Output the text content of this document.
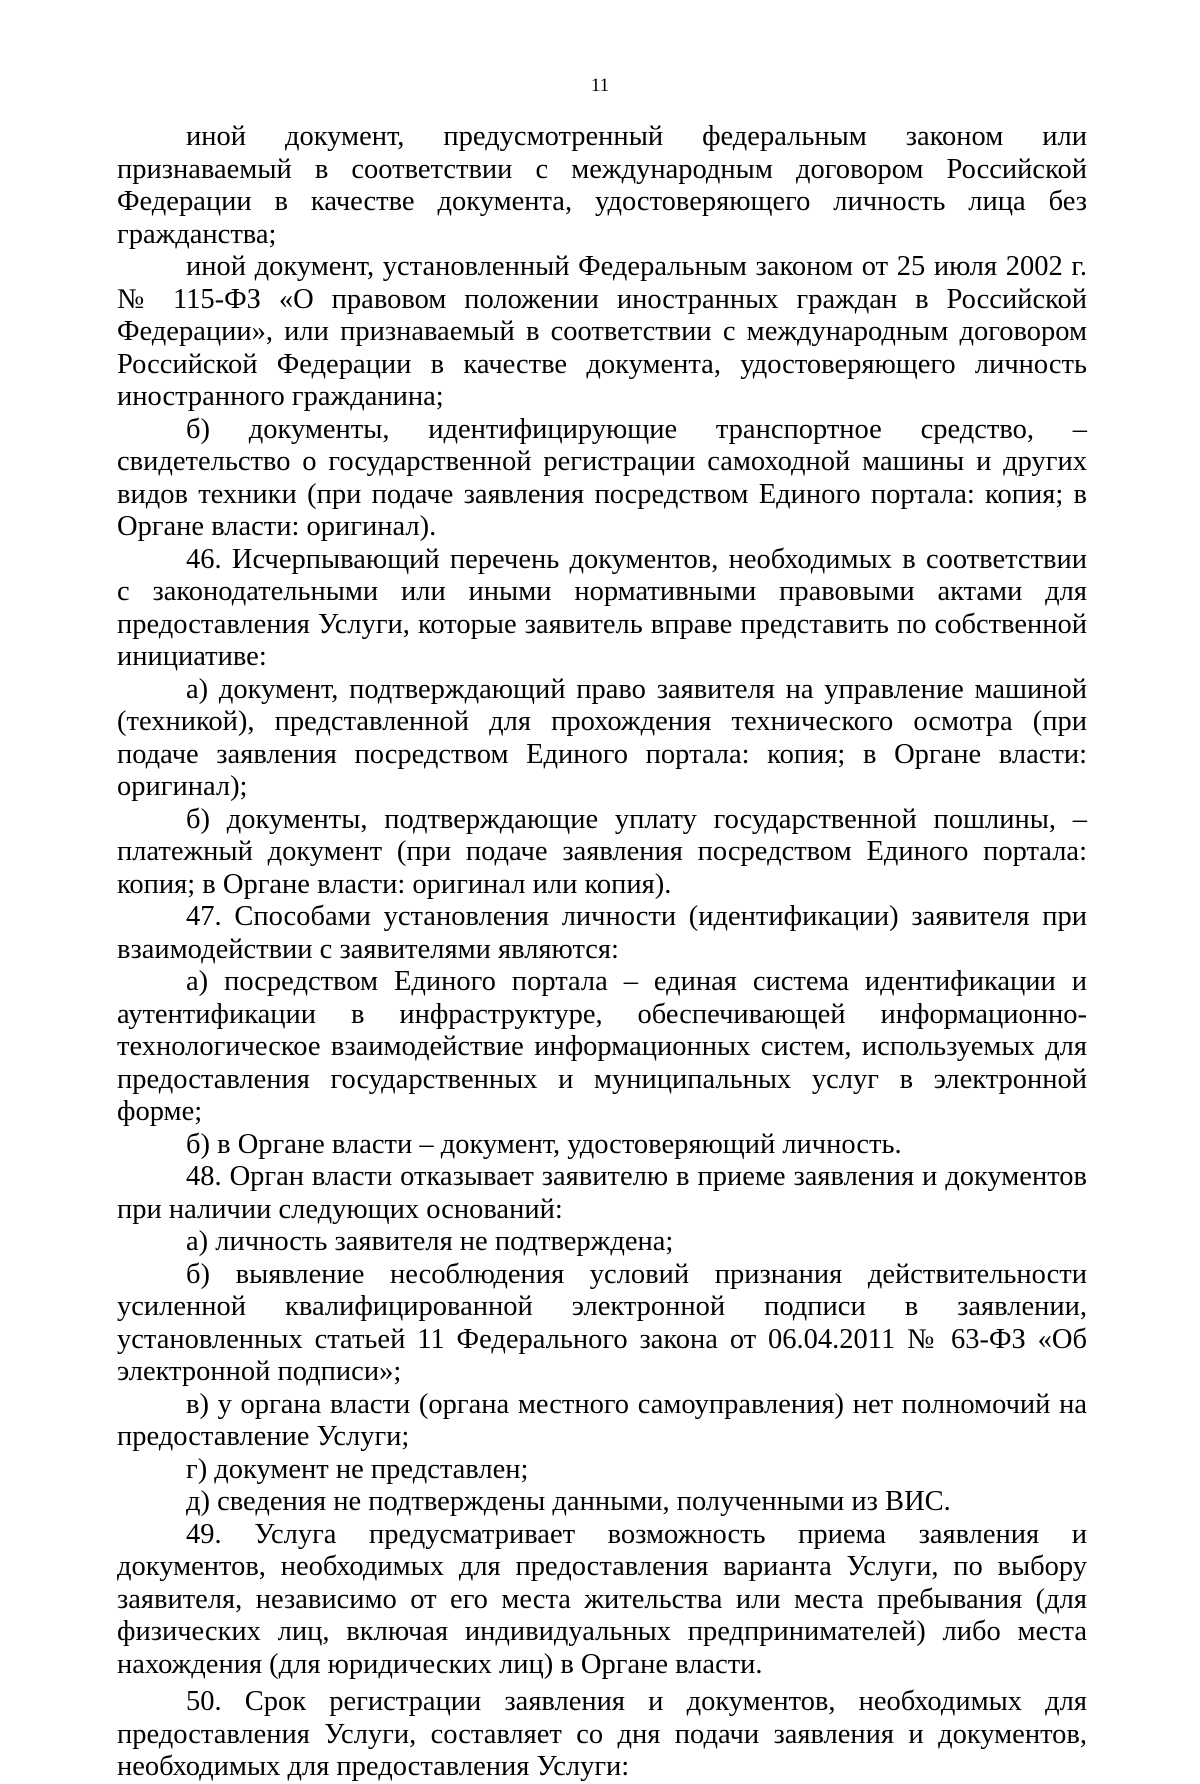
11

иной документ, предусмотренный федеральным законом или признаваемый в соответствии с международным договором Российской Федерации в качестве документа, удостоверяющего личность лица без гражданства;

иной документ, установленный Федеральным законом от 25 июля 2002 г. № 115-ФЗ «О правовом положении иностранных граждан в Российской Федерации», или признаваемый в соответствии с международным договором Российской Федерации в качестве документа, удостоверяющего личность иностранного гражданина;

б) документы, идентифицирующие транспортное средство, – свидетельство о государственной регистрации самоходной машины и других видов техники (при подаче заявления посредством Единого портала: копия; в Органе власти: оригинал).

46. Исчерпывающий перечень документов, необходимых в соответствии с законодательными или иными нормативными правовыми актами для предоставления Услуги, которые заявитель вправе представить по собственной инициативе:

а) документ, подтверждающий право заявителя на управление машиной (техникой), представленной для прохождения технического осмотра (при подаче заявления посредством Единого портала: копия; в Органе власти: оригинал);

б) документы, подтверждающие уплату государственной пошлины, – платежный документ (при подаче заявления посредством Единого портала: копия; в Органе власти: оригинал или копия).

47. Способами установления личности (идентификации) заявителя при взаимодействии с заявителями являются:

а) посредством Единого портала – единая система идентификации и аутентификации в инфраструктуре, обеспечивающей информационно-технологическое взаимодействие информационных систем, используемых для предоставления государственных и муниципальных услуг в электронной форме;

б) в Органе власти – документ, удостоверяющий личность.

48. Орган власти отказывает заявителю в приеме заявления и документов при наличии следующих оснований:

а) личность заявителя не подтверждена;

б) выявление несоблюдения условий признания действительности усиленной квалифицированной электронной подписи в заявлении, установленных статьей 11 Федерального закона от 06.04.2011 № 63-ФЗ «Об электронной подписи»;

в) у органа власти (органа местного самоуправления) нет полномочий на предоставление Услуги;

г) документ не представлен;

д) сведения не подтверждены данными, полученными из ВИС.

49. Услуга предусматривает возможность приема заявления и документов, необходимых для предоставления варианта Услуги, по выбору заявителя, независимо от его места жительства или места пребывания (для физических лиц, включая индивидуальных предпринимателей) либо места нахождения (для юридических лиц) в Органе власти.

50. Срок регистрации заявления и документов, необходимых для предоставления Услуги, составляет со дня подачи заявления и документов, необходимых для предоставления Услуги:
